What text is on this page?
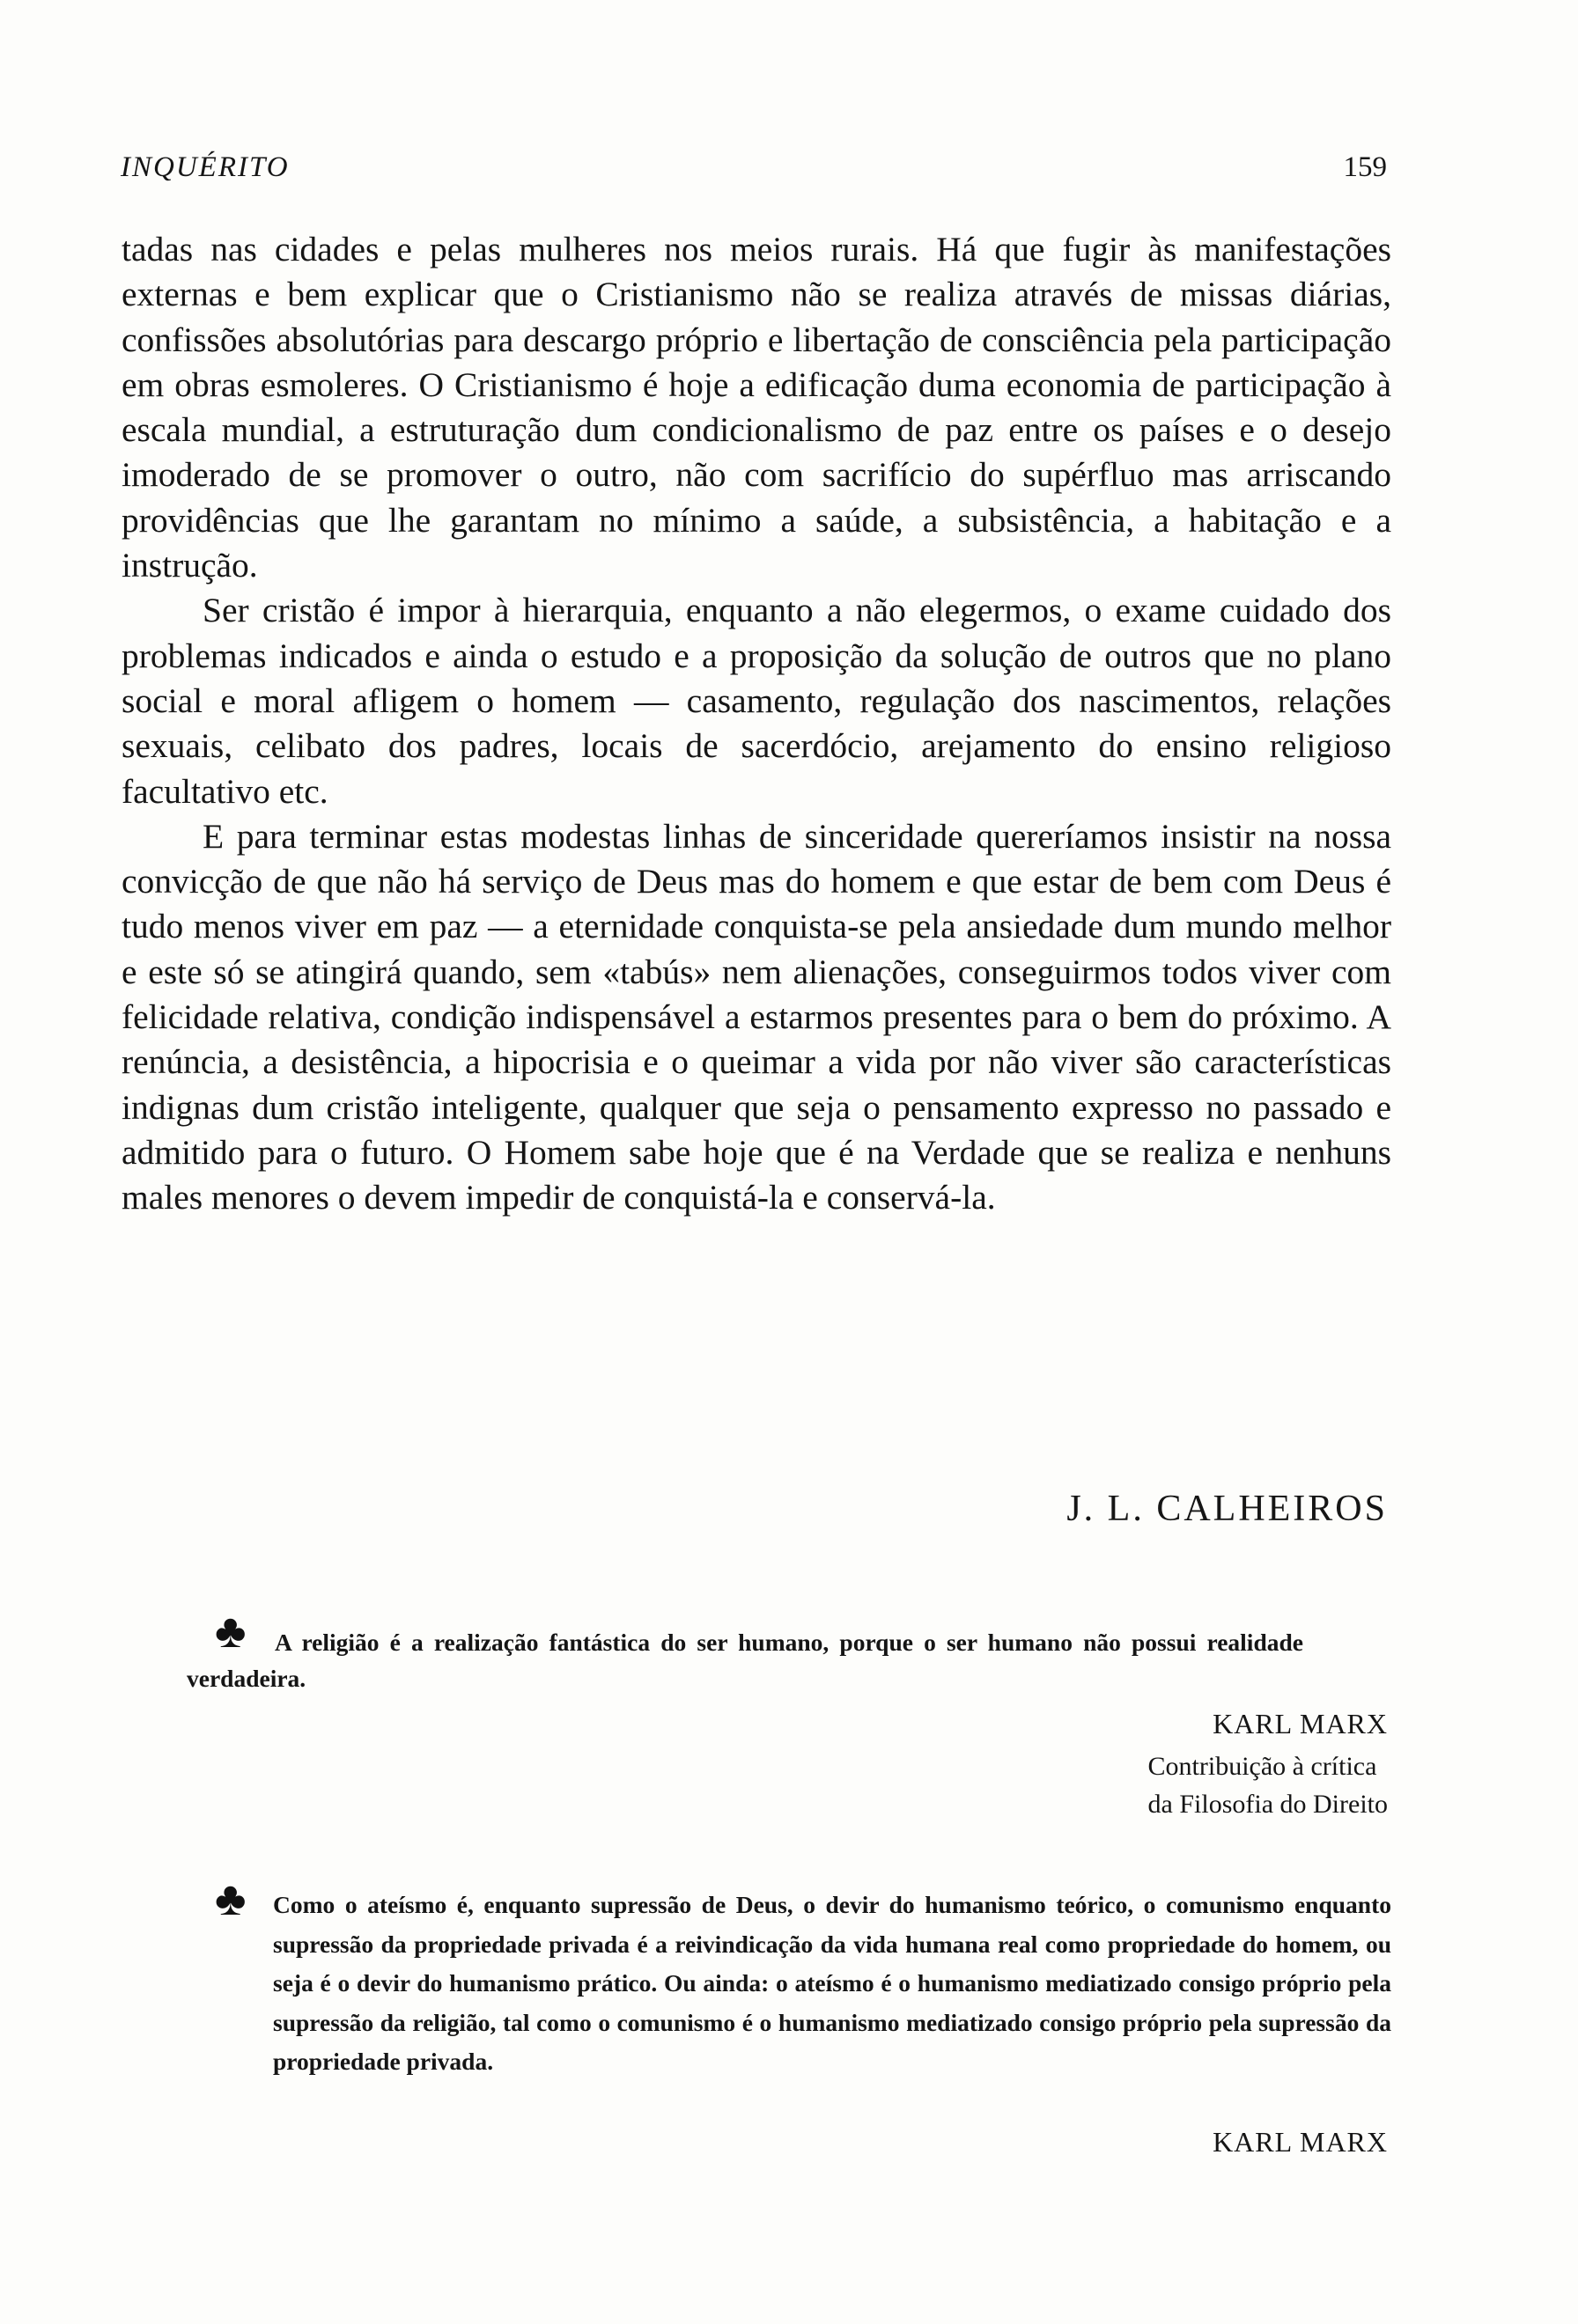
INQUÉRITO	159

tadas nas cidades e pelas mulheres nos meios rurais. Há que fugir às manifestações externas e bem explicar que o Cristianismo não se realiza através de missas diárias, confissões absolutórias para descargo próprio e libertação de consciência pela participação em obras esmoleres. O Cristianismo é hoje a edificação duma economia de participação à escala mundial, a estruturação dum condicionalismo de paz entre os países e o desejo imoderado de se promover o outro, não com sacrifício do supérfluo mas arriscando providências que lhe garantam no mínimo a saúde, a subsistência, a habitação e a instrução.

Ser cristão é impor à hierarquia, enquanto a não elegermos, o exame cuidado dos problemas indicados e ainda o estudo e a proposição da solução de outros que no plano social e moral afligem o homem — casamento, regulação dos nascimentos, relações sexuais, celibato dos padres, locais de sacerdócio, arejamento do ensino religioso facultativo etc.

E para terminar estas modestas linhas de sinceridade quereríamos insistir na nossa convicção de que não há serviço de Deus mas do homem e que estar de bem com Deus é tudo menos viver em paz — a eternidade conquista-se pela ansiedade dum mundo melhor e este só se atingirá quando, sem «tabús» nem alienações, conseguirmos todos viver com felicidade relativa, condição indispensável a estarmos presentes para o bem do próximo. A renúncia, a desistência, a hipocrisia e o queimar a vida por não viver são características indignas dum cristão inteligente, qualquer que seja o pensamento expresso no passado e admitido para o futuro. O Homem sabe hoje que é na Verdade que se realiza e nenhuns males menores o devem impedir de conquistá-la e conservá-la.

J. L. CALHEIROS
♣	A religião é a realização fantástica do ser humano, porque o ser humano não possui realidade verdadeira.

KARL MARX
Contribuição à crítica
da Filosofia do Direito
♣ Como o ateísmo é, enquanto supressão de Deus, o devir do humanismo teórico, o comunismo enquanto supressão da propriedade privada é a reivindicação da vida humana real como propriedade do homem, ou seja é o devir do humanismo prático. Ou ainda: o ateísmo é o humanismo mediatizado consigo próprio pela supressão da religião, tal como o comunismo é o humanismo mediatizado consigo próprio pela supressão da propriedade privada.

KARL MARX
